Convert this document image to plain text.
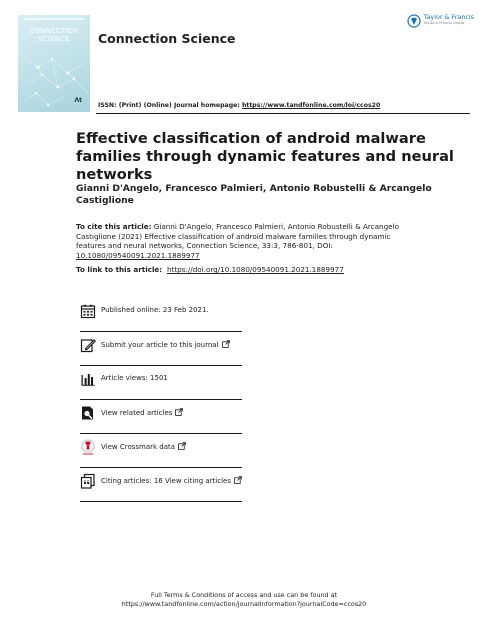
CONNECTION
SCIENCE
Λt
Connection Science
Taylor & Francis
Taylor & Francis Group
ISSN: (Print) (Online) Journal homepage: https://www.tandfonline.com/loi/ccos20
Effective classification of android malware families through dynamic features and neural networks
Gianni D'Angelo, Francesco Palmieri, Antonio Robustelli & Arcangelo Castiglione
To cite this article: Gianni D'Angelo, Francesco Palmieri, Antonio Robustelli & Arcangelo Castiglione (2021) Effective classification of android malware families through dynamic features and neural networks, Connection Science, 33:3, 786-801, DOI: 10.1080/09540091.2021.1889977
To link to this article:  https://doi.org/10.1080/09540091.2021.1889977
Published online: 23 Feb 2021.
Submit your article to this journal
Article views: 1501
View related articles
View Crossmark data
Citing articles: 16 View citing articles
Full Terms & Conditions of access and use can be found at
https://www.tandfonline.com/action/journalInformation?journalCode=ccos20
